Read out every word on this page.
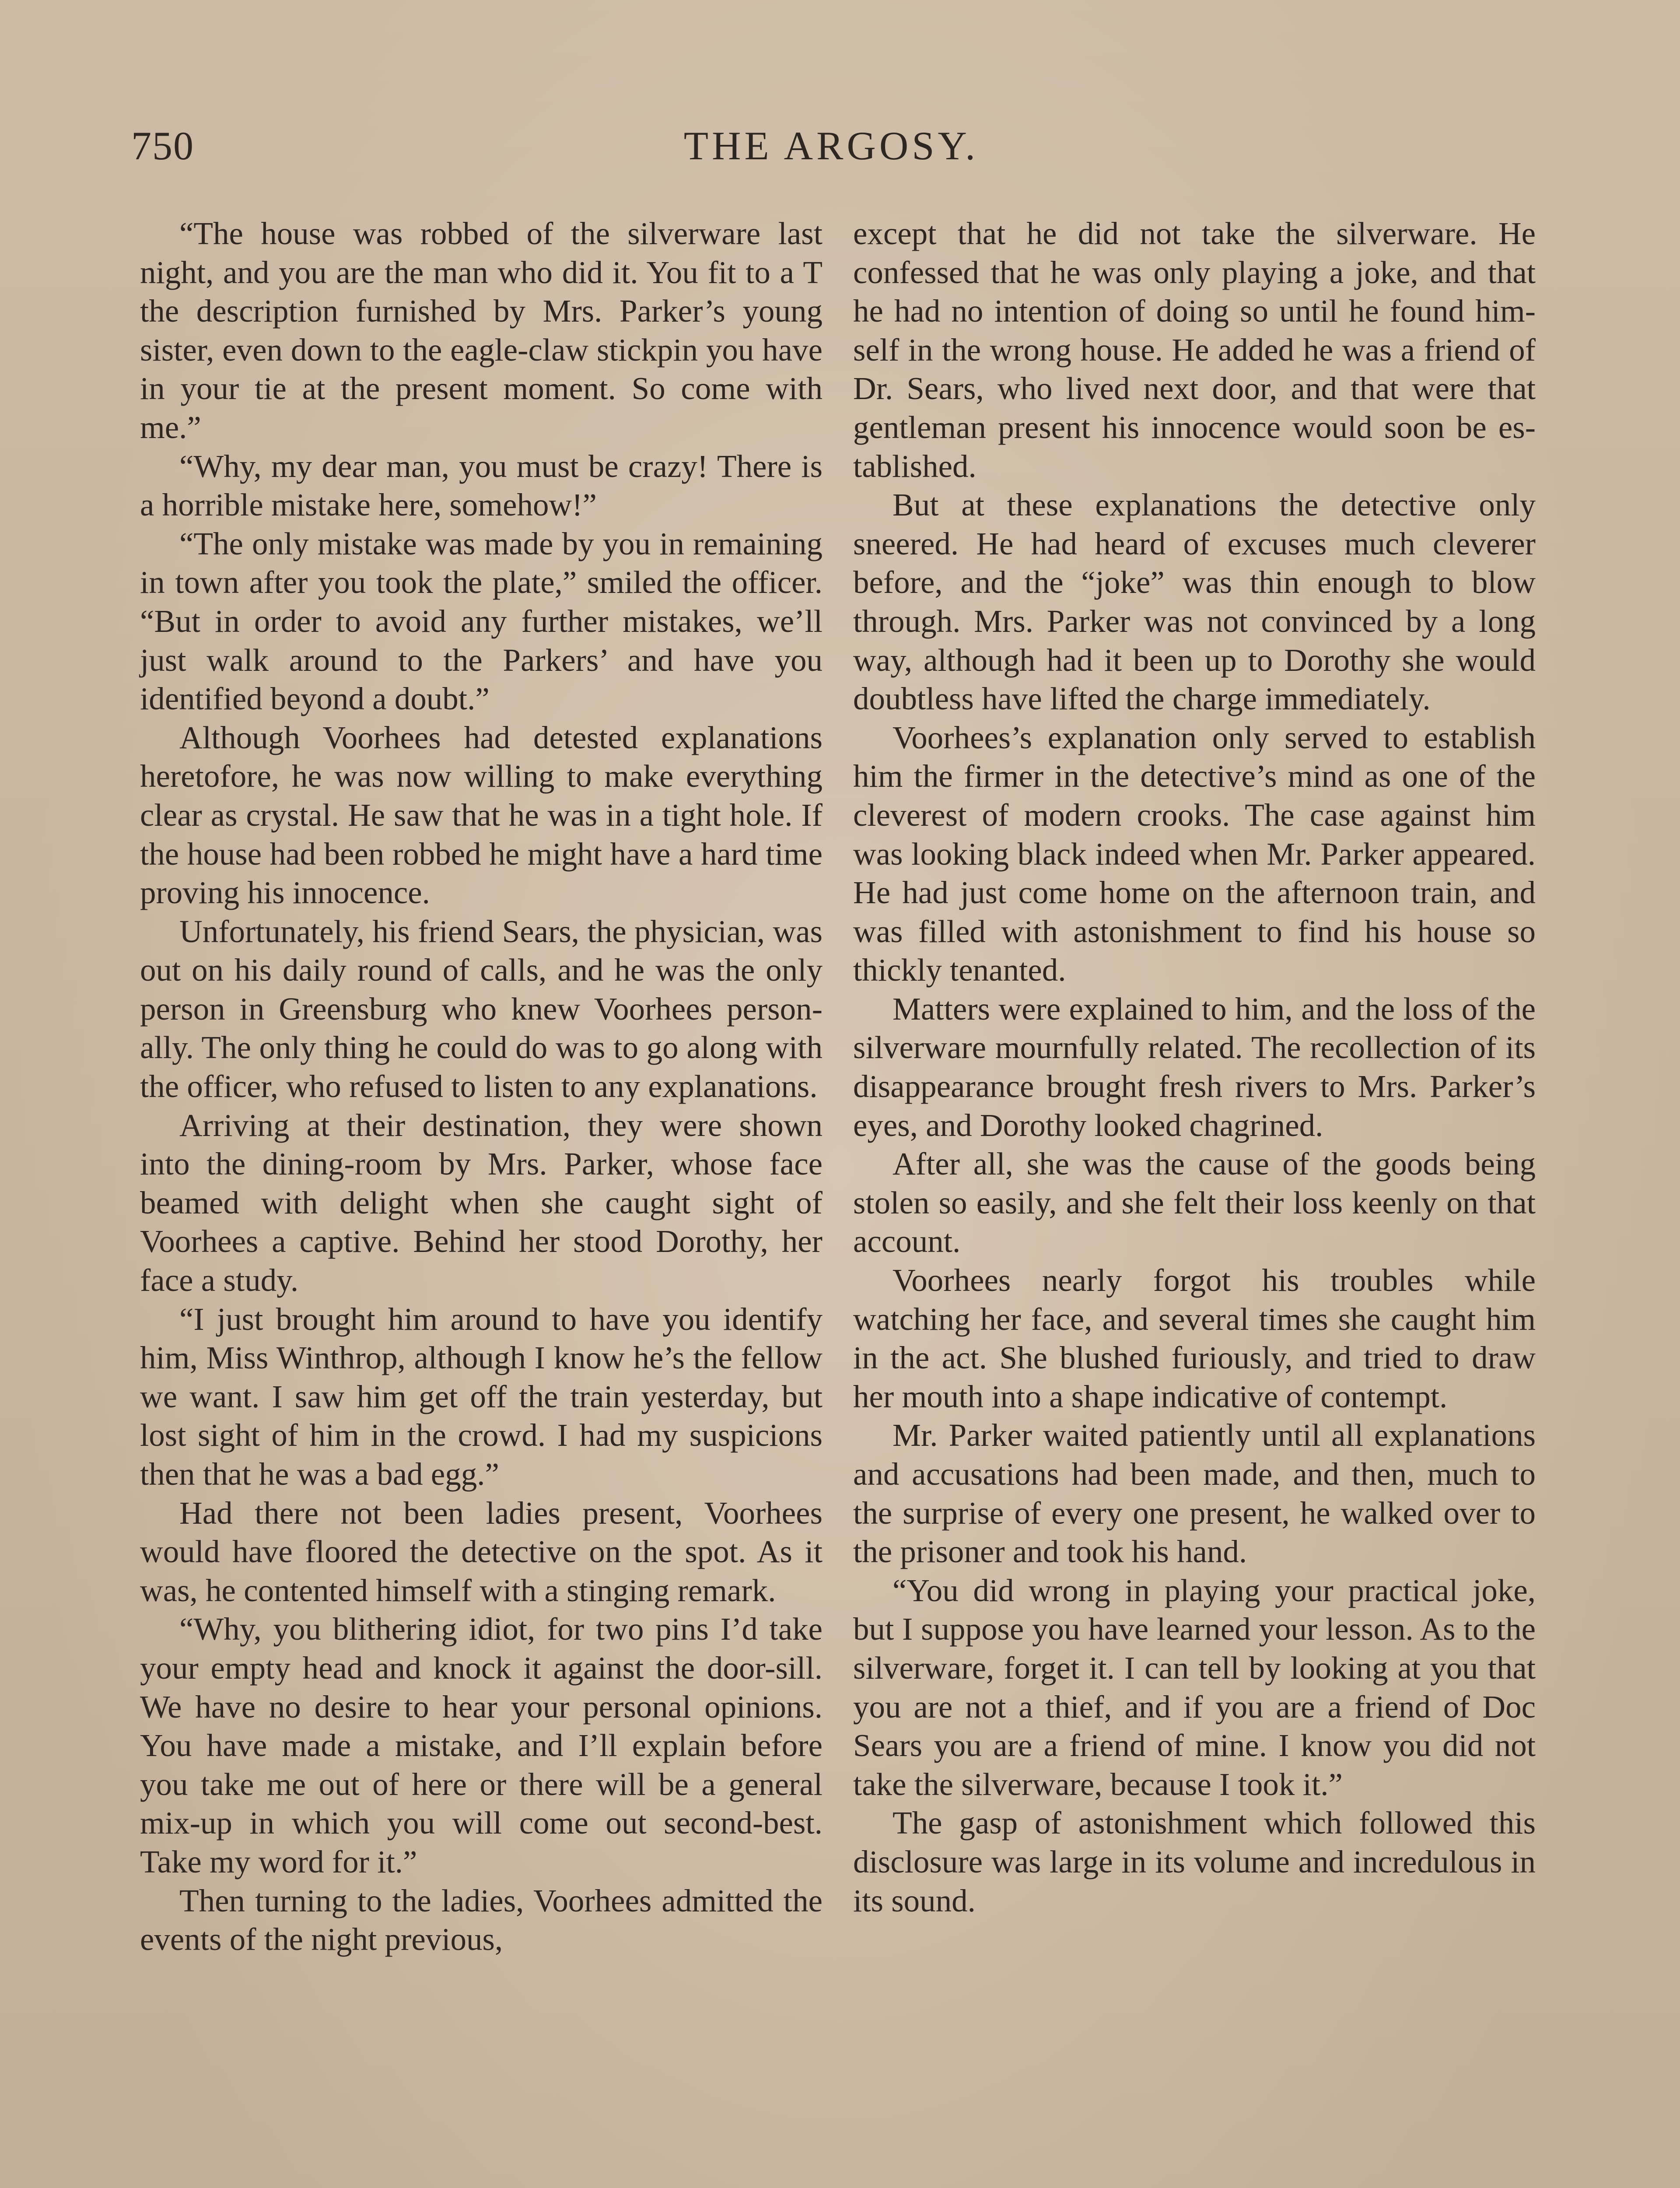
750	THE ARGOSY.

“The house was robbed of the silverware last night, and you are the man who did it. You fit to a T the description furnished by Mrs. Parker’s young sister, even down to the eagle-claw stickpin you have in your tie at the present moment. So come with me.”

“Why, my dear man, you must be crazy! There is a horrible mistake here, somehow!”

“The only mistake was made by you in remaining in town after you took the plate,” smiled the officer. “But in order to avoid any further mistakes, we’ll just walk around to the Parkers’ and have you identified beyond a doubt.”

Although Voorhees had detested explanations heretofore, he was now willing to make everything clear as crystal. He saw that he was in a tight hole. If the house had been robbed he might have a hard time proving his innocence.

Unfortunately, his friend Sears, the physician, was out on his daily round of calls, and he was the only person in Greensburg who knew Voorhees personally. The only thing he could do was to go along with the officer, who refused to listen to any explanations.

Arriving at their destination, they were shown into the dining-room by Mrs. Parker, whose face beamed with delight when she caught sight of Voorhees a captive. Behind her stood Dorothy, her face a study.

“I just brought him around to have you identify him, Miss Winthrop, although I know he’s the fellow we want. I saw him get off the train yesterday, but lost sight of him in the crowd. I had my suspicions then that he was a bad egg.”

Had there not been ladies present, Voorhees would have floored the detective on the spot. As it was, he contented himself with a stinging remark.

“Why, you blithering idiot, for two pins I’d take your empty head and knock it against the door-sill. We have no desire to hear your personal opinions. You have made a mistake, and I’ll explain before you take me out of here or there will be a general mix-up in which you will come out second-best. Take my word for it.”

Then turning to the ladies, Voorhees admitted the events of the night previous,

except that he did not take the silverware. He confessed that he was only playing a joke, and that he had no intention of doing so until he found himself in the wrong house. He added he was a friend of Dr. Sears, who lived next door, and that were that gentleman present his innocence would soon be established.

But at these explanations the detective only sneered. He had heard of excuses much cleverer before, and the “joke” was thin enough to blow through. Mrs. Parker was not convinced by a long way, although had it been up to Dorothy she would doubtless have lifted the charge immediately.

Voorhees’s explanation only served to establish him the firmer in the detective’s mind as one of the cleverest of modern crooks. The case against him was looking black indeed when Mr. Parker appeared. He had just come home on the afternoon train, and was filled with astonishment to find his house so thickly tenanted.

Matters were explained to him, and the loss of the silverware mournfully related. The recollection of its disappearance brought fresh rivers to Mrs. Parker’s eyes, and Dorothy looked chagrined.

After all, she was the cause of the goods being stolen so easily, and she felt their loss keenly on that account.

Voorhees nearly forgot his troubles while watching her face, and several times she caught him in the act. She blushed furiously, and tried to draw her mouth into a shape indicative of contempt.

Mr. Parker waited patiently until all explanations and accusations had been made, and then, much to the surprise of every one present, he walked over to the prisoner and took his hand.

“You did wrong in playing your practical joke, but I suppose you have learned your lesson. As to the silverware, forget it. I can tell by looking at you that you are not a thief, and if you are a friend of Doc Sears you are a friend of mine. I know you did not take the silverware, because I took it.”

The gasp of astonishment which followed this disclosure was large in its volume and incredulous in its sound.
